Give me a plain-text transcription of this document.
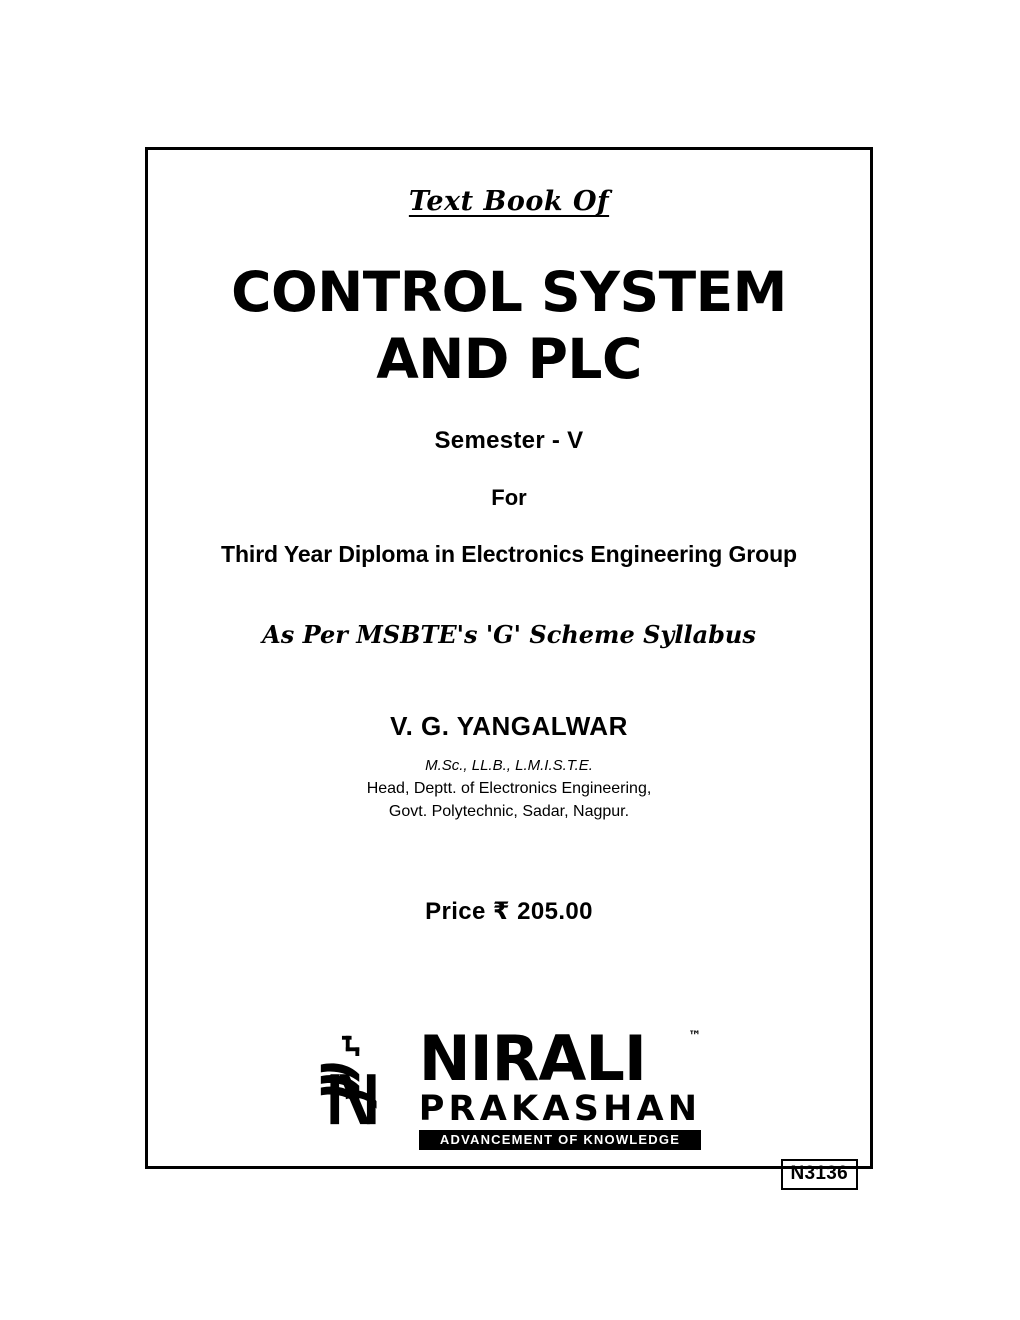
Text Book Of
CONTROL SYSTEM
AND PLC
Semester - V
For
Third Year Diploma in Electronics Engineering Group
As Per MSBTE's 'G' Scheme Syllabus
V. G. YANGALWAR
M.Sc., LL.B., L.M.I.S.T.E.
Head, Deptt. of Electronics Engineering,
Govt. Polytechnic, Sadar, Nagpur.
Price ₹ 205.00
NIRALI	™
PRAKASHAN
ADVANCEMENT OF KNOWLEDGE
N3136
